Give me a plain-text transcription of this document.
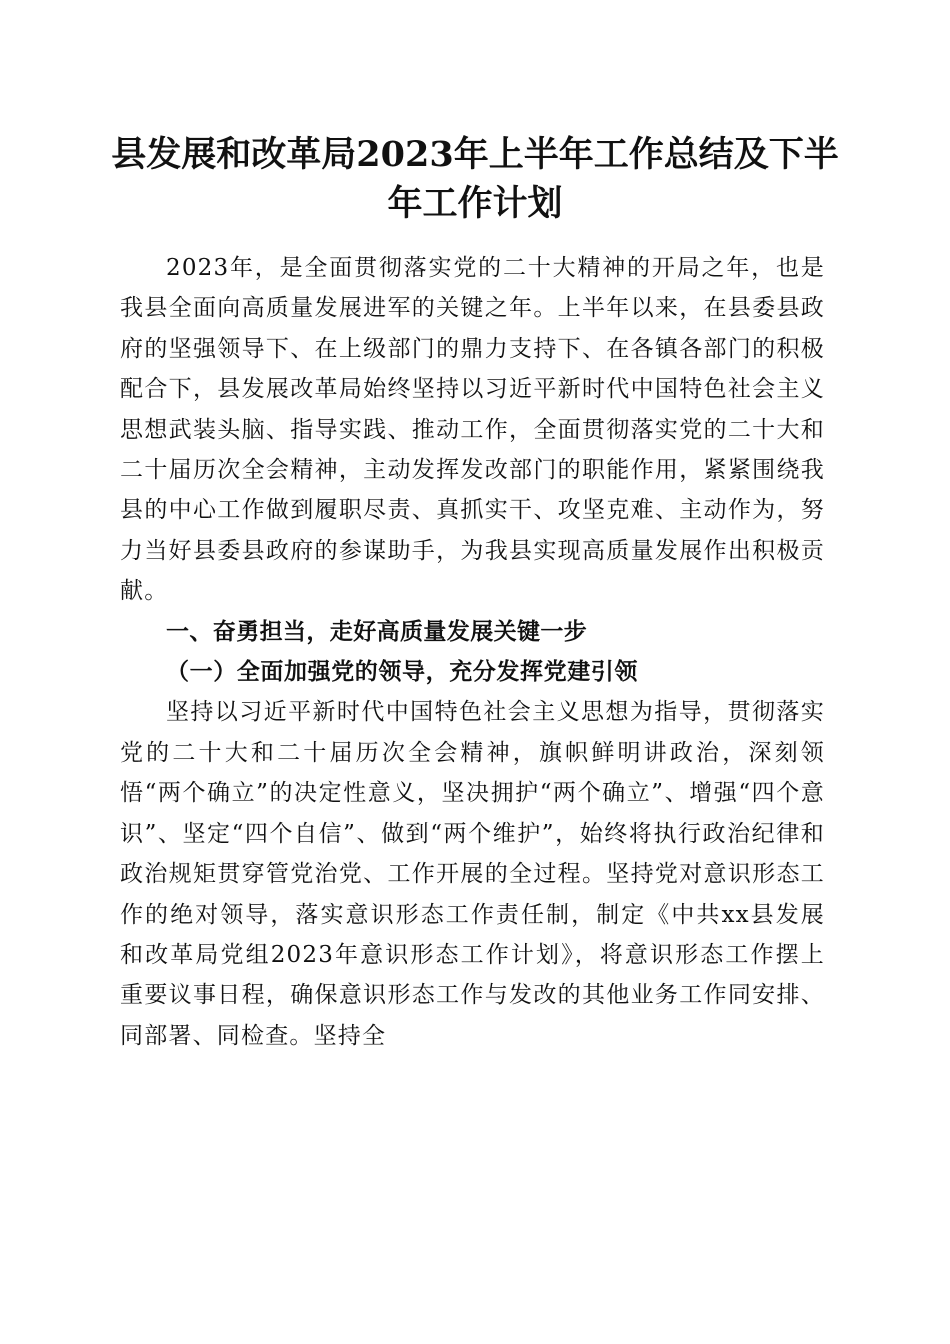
县发展和改革局2023年上半年工作总结及下半年工作计划

2023年，是全面贯彻落实党的二十大精神的开局之年，也是我县全面向高质量发展进军的关键之年。上半年以来，在县委县政府的坚强领导下、在上级部门的鼎力支持下、在各镇各部门的积极配合下，县发展改革局始终坚持以习近平新时代中国特色社会主义思想武装头脑、指导实践、推动工作，全面贯彻落实党的二十大和二十届历次全会精神，主动发挥发改部门的职能作用，紧紧围绕我县的中心工作做到履职尽责、真抓实干、攻坚克难、主动作为，努力当好县委县政府的参谋助手，为我县实现高质量发展作出积极贡献。

一、奋勇担当，走好高质量发展关键一步

（一）全面加强党的领导，充分发挥党建引领

坚持以习近平新时代中国特色社会主义思想为指导，贯彻落实党的二十大和二十届历次全会精神，旗帜鲜明讲政治，深刻领悟“两个确立”的决定性意义，坚决拥护“两个确立”、增强“四个意识”、坚定“四个自信”、做到“两个维护”，始终将执行政治纪律和政治规矩贯穿管党治党、工作开展的全过程。坚持党对意识形态工作的绝对领导，落实意识形态工作责任制，制定《中共xx县发展和改革局党组2023年意识形态工作计划》，将意识形态工作摆上重要议事日程，确保意识形态工作与发改的其他业务工作同安排、同部署、同检查。坚持全
